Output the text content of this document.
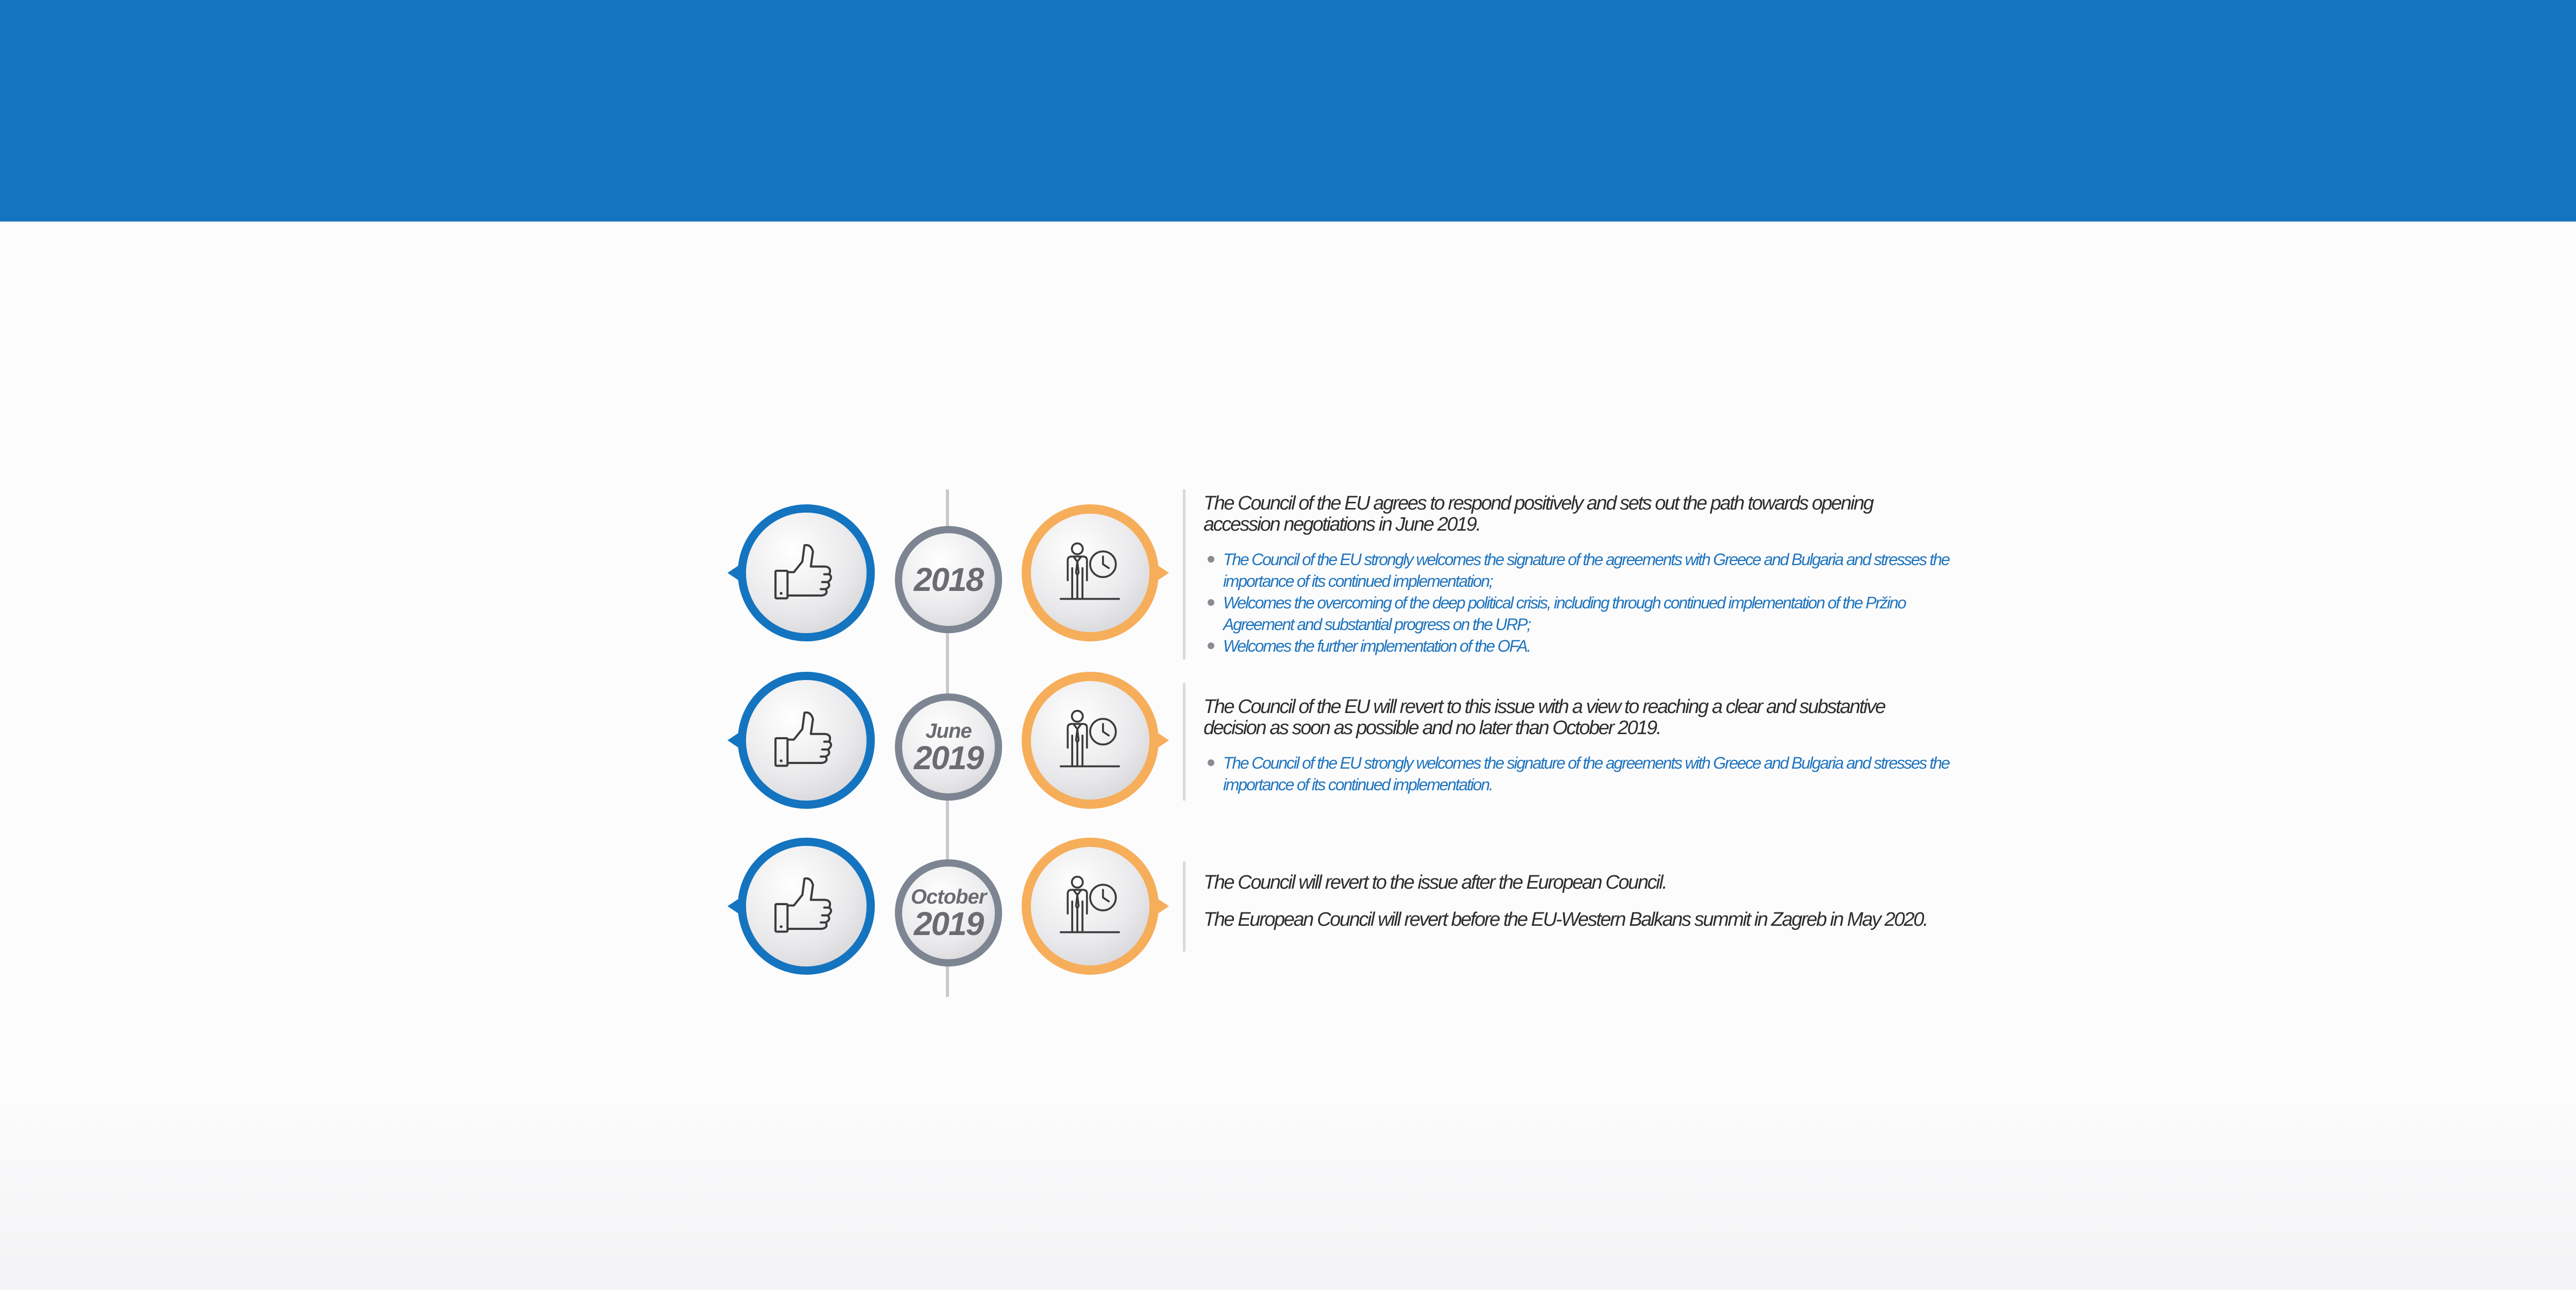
2018

The Council of the EU agrees to respond positively and sets out the path towards opening accession negotiations in June 2019.

The Council of the EU strongly welcomes the signature of the agreements with Greece and Bulgaria and stresses the importance of its continued implementation;
Welcomes the overcoming of the deep political crisis, including through continued implementation of the Pržino Agreement and substantial progress on the URP;
Welcomes the further implementation of the OFA.
June
2019

The Council of the EU will revert to this issue with a view to reaching a clear and substantive decision as soon as possible and no later than October 2019.

The Council of the EU strongly welcomes the signature of the agreements with Greece and Bulgaria and stresses the importance of its continued implementation.
October
2019

The Council will revert to the issue after the European Council.

The European Council will revert before the EU-Western Balkans summit in Zagreb in May 2020.
